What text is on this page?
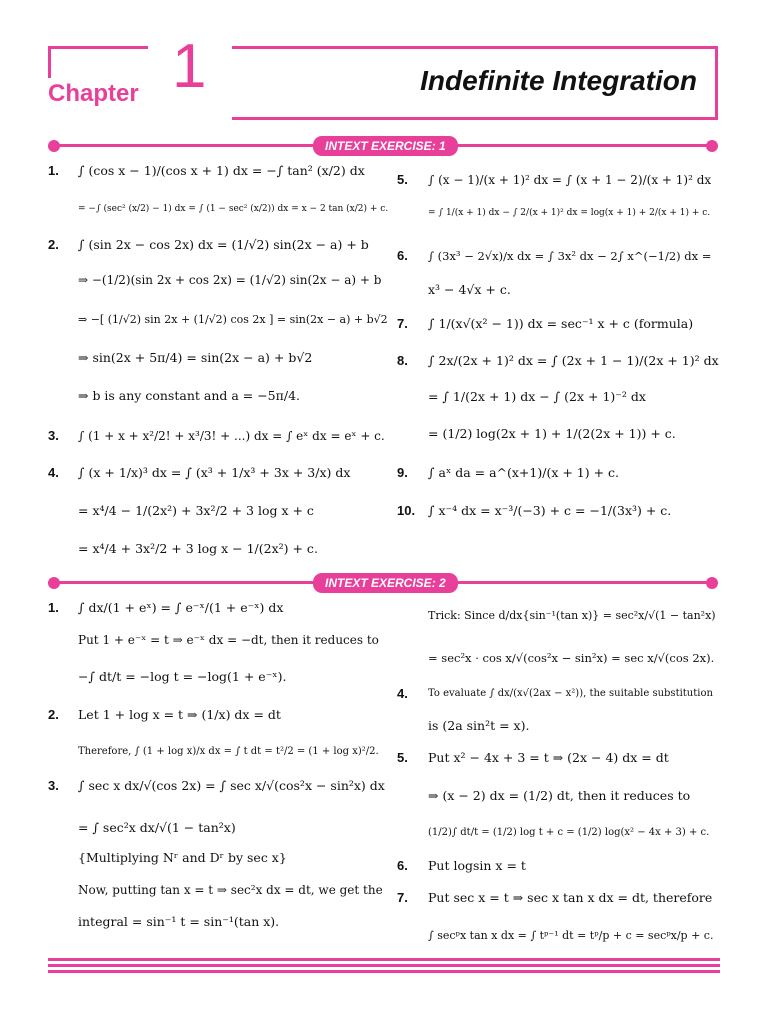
Chapter 1	Indefinite Integration
INTEXT EXERCISE: 1
INTEXT EXERCISE: 2
1. ∫ (cos x − 1)/(cos x + 1) dx = −∫ tan² (x/2) dx
= −∫ (sec² (x/2) − 1) dx = ∫ (1 − sec² (x/2)) dx = x − 2 tan (x/2) + c.
2. ∫ (sin 2x − cos 2x) dx = (1/√2) sin(2x − a) + b
⇒ −(1/2)(sin 2x + cos 2x) = (1/√2) sin(2x − a) + b
⇒ −[ (1/√2) sin 2x + (1/√2) cos 2x ] = sin(2x − a) + b√2
⇒ sin(2x + 5π/4) = sin(2x − a) + b√2
⇒ b is any constant and a = −5π/4.
3. ∫ (1 + x + x²/2! + x³/3! + ...) dx = ∫ eˣ dx = eˣ + c.
4. ∫ (x + 1/x)³ dx = ∫ (x³ + 1/x³ + 3x + 3/x) dx
= x⁴/4 − 1/(2x²) + 3x²/2 + 3 log x + c
= x⁴/4 + 3x²/2 + 3 log x − 1/(2x²) + c.
5. ∫ (x − 1)/(x + 1)² dx = ∫ (x + 1 − 2)/(x + 1)² dx
= ∫ 1/(x + 1) dx − ∫ 2/(x + 1)² dx = log(x + 1) + 2/(x + 1) + c.
6. ∫ (3x³ − 2√x)/x dx = ∫ 3x² dx − 2∫ x^(−1/2) dx =
x³ − 4√x + c.
7. ∫ 1/(x√(x² − 1)) dx = sec⁻¹ x + c (formula)
8. ∫ 2x/(2x + 1)² dx = ∫ (2x + 1 − 1)/(2x + 1)² dx
= ∫ 1/(2x + 1) dx − ∫ (2x + 1)⁻² dx
= (1/2) log(2x + 1) + 1/(2(2x + 1)) + c.
9. ∫ aˣ da = a^(x+1)/(x + 1) + c.
10. ∫ x⁻⁴ dx = x⁻³/(−3) + c = −1/(3x³) + c.
1. ∫ dx/(1 + eˣ) = ∫ e⁻ˣ/(1 + e⁻ˣ) dx
Put 1 + e⁻ˣ = t ⇒ e⁻ˣ dx = −dt, then it reduces to
−∫ dt/t = −log t = −log(1 + e⁻ˣ).
2. Let 1 + log x = t ⇒ (1/x) dx = dt
Therefore, ∫ (1 + log x)/x dx = ∫ t dt = t²/2 = (1 + log x)²/2.
3. ∫ sec x dx/√(cos 2x) = ∫ sec x/√(cos²x − sin²x) dx
= ∫ sec²x dx/√(1 − tan²x)
{Multiplying Nʳ and Dʳ by sec x}
Now, putting tan x = t ⇒ sec²x dx = dt, we get the
integral = sin⁻¹ t = sin⁻¹(tan x).
Trick: Since d/dx{sin⁻¹(tan x)} = sec²x/√(1 − tan²x)
= sec²x · cos x/√(cos²x − sin²x) = sec x/√(cos 2x).
4. To evaluate ∫ dx/(x√(2ax − x²)), the suitable substitution
is (2a sin²t = x).
5. Put x² − 4x + 3 = t ⇒ (2x − 4) dx = dt
⇒ (x − 2) dx = (1/2) dt, then it reduces to
(1/2)∫ dt/t = (1/2) log t + c = (1/2) log(x² − 4x + 3) + c.
6. Put logsin x = t
7. Put sec x = t ⇒ sec x tan x dx = dt, therefore
∫ secᵖx tan x dx = ∫ tᵖ⁻¹ dt = tᵖ/p + c = secᵖx/p + c.
